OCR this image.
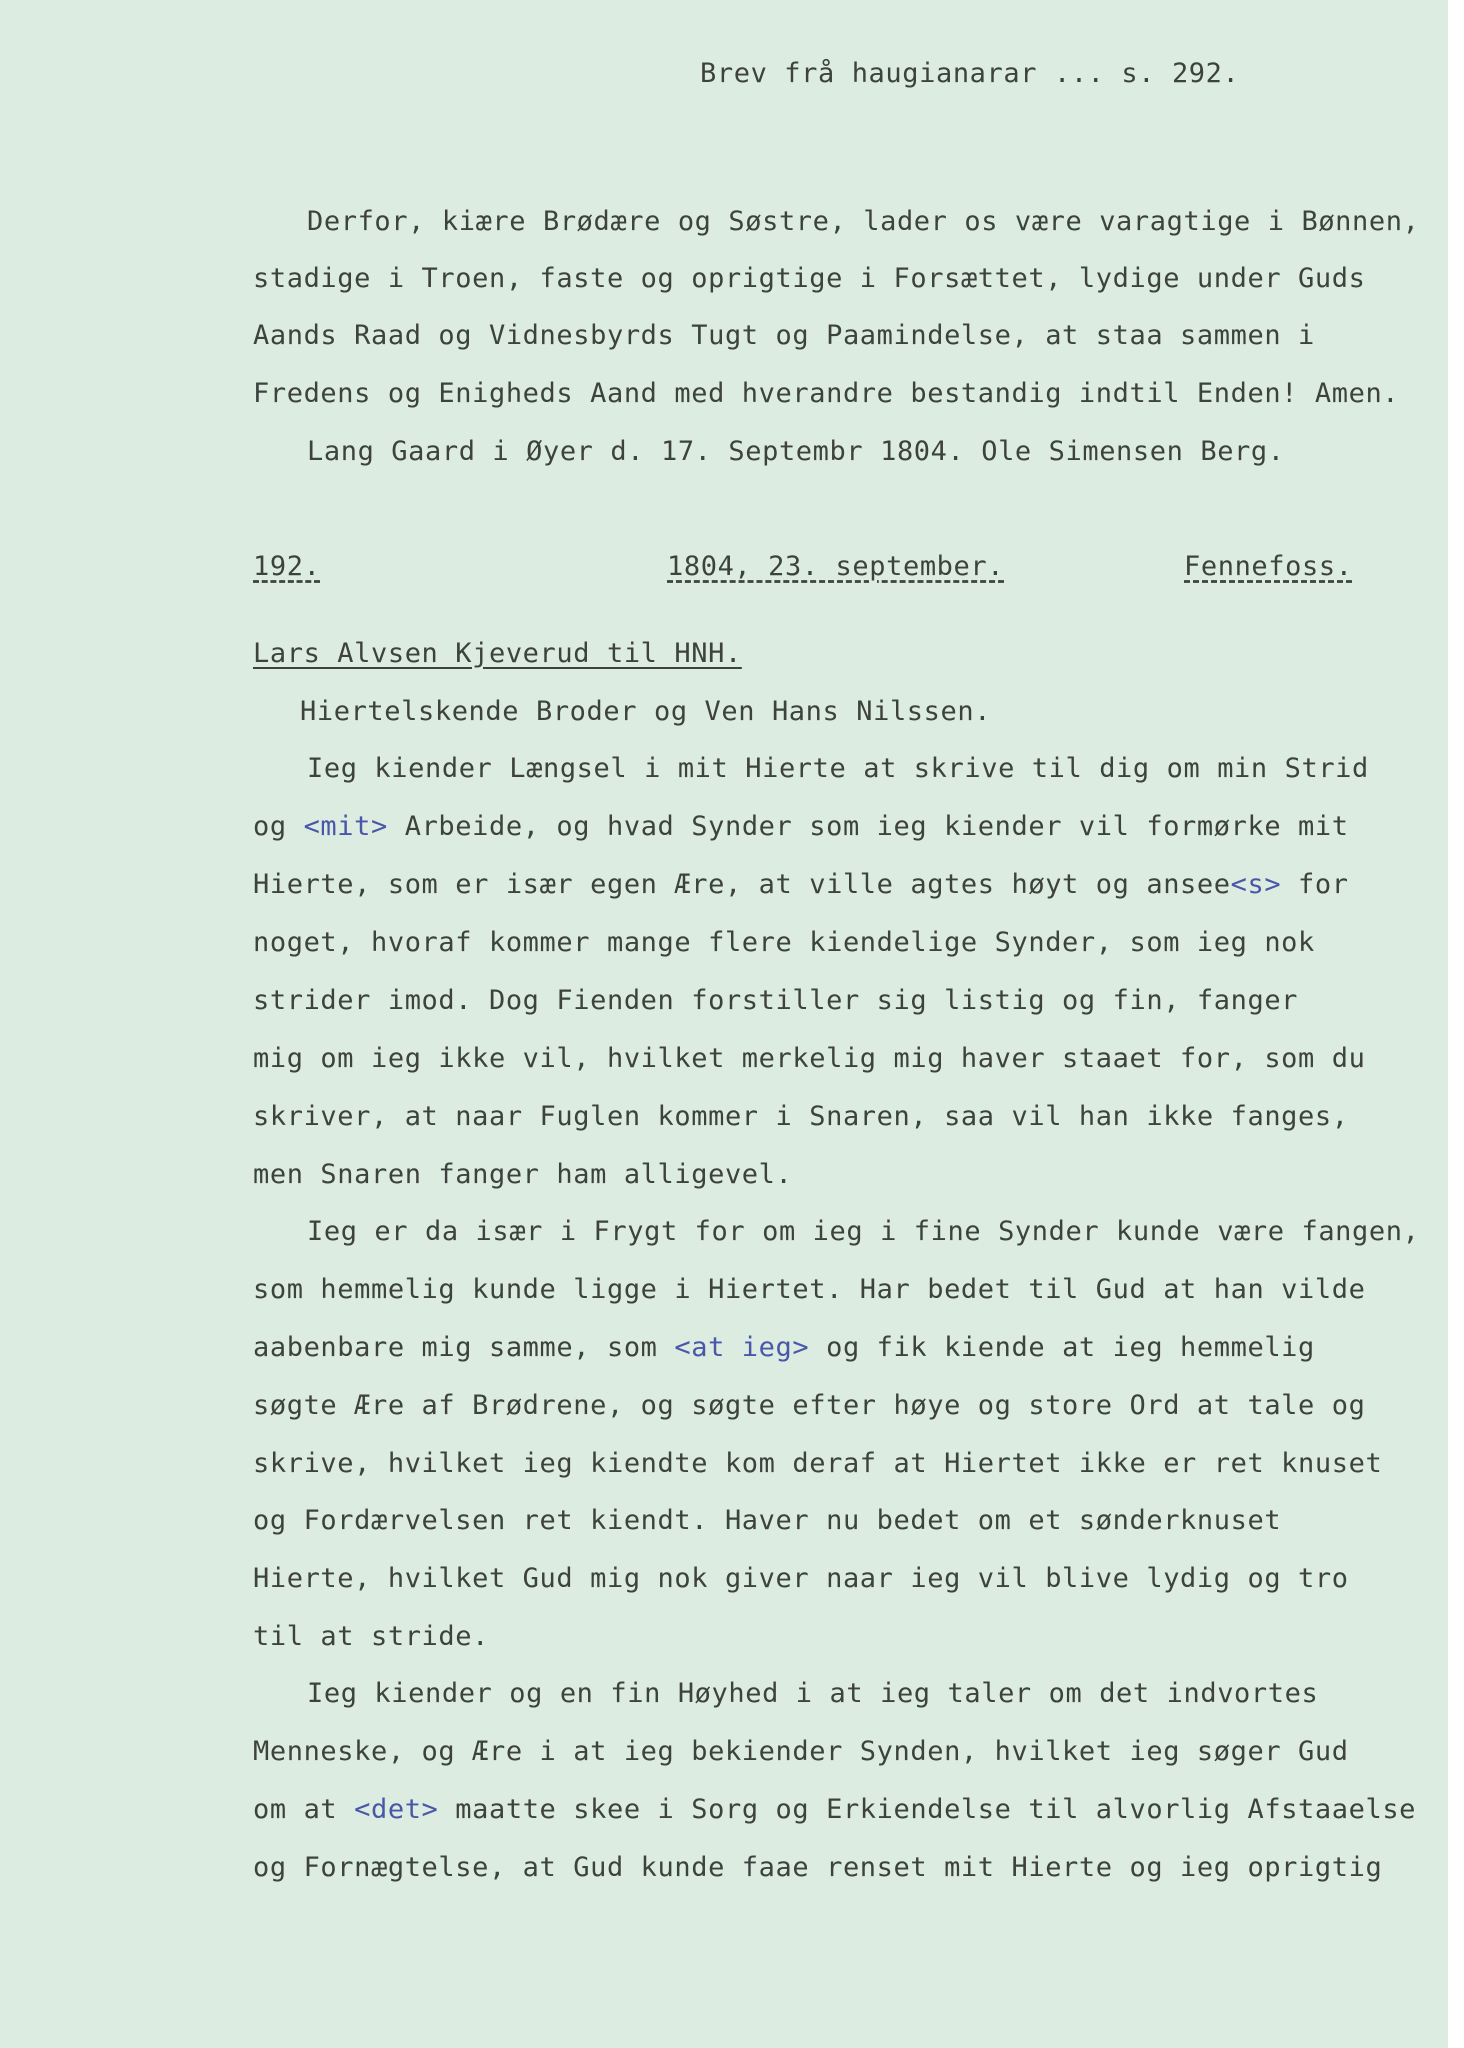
Brev frå haugianarar ... s. 292.
Derfor, kiære Brødære og Søstre, lader os være varagtige i Bønnen,
stadige i Troen, faste og oprigtige i Forsættet, lydige under Guds
Aands Raad og Vidnesbyrds Tugt og Paamindelse, at staa sammen i
Fredens og Enigheds Aand med hverandre bestandig indtil Enden! Amen.
Lang Gaard i Øyer d. 17. Septembr 1804. Ole Simensen Berg.
192.	1804, 23. september.	Fennefoss.
Lars Alvsen Kjeverud til HNH.
Hiertelskende Broder og Ven Hans Nilssen.
Ieg kiender Længsel i mit Hierte at skrive til dig om min Strid
og <mit> Arbeide, og hvad Synder som ieg kiender vil formørke mit
Hierte, som er især egen Ære, at ville agtes høyt og ansee<s> for
noget, hvoraf kommer mange flere kiendelige Synder, som ieg nok
strider imod. Dog Fienden forstiller sig listig og fin, fanger
mig om ieg ikke vil, hvilket merkelig mig haver staaet for, som du
skriver, at naar Fuglen kommer i Snaren, saa vil han ikke fanges,
men Snaren fanger ham alligevel.
Ieg er da især i Frygt for om ieg i fine Synder kunde være fangen,
som hemmelig kunde ligge i Hiertet. Har bedet til Gud at han vilde
aabenbare mig samme, som <at ieg> og fik kiende at ieg hemmelig
søgte Ære af Brødrene, og søgte efter høye og store Ord at tale og
skrive, hvilket ieg kiendte kom deraf at Hiertet ikke er ret knuset
og Fordærvelsen ret kiendt. Haver nu bedet om et sønderknuset
Hierte, hvilket Gud mig nok giver naar ieg vil blive lydig og tro
til at stride.
Ieg kiender og en fin Høyhed i at ieg taler om det indvortes
Menneske, og Ære i at ieg bekiender Synden, hvilket ieg søger Gud
om at <det> maatte skee i Sorg og Erkiendelse til alvorlig Afstaaelse
og Fornægtelse, at Gud kunde faae renset mit Hierte og ieg oprigtig
